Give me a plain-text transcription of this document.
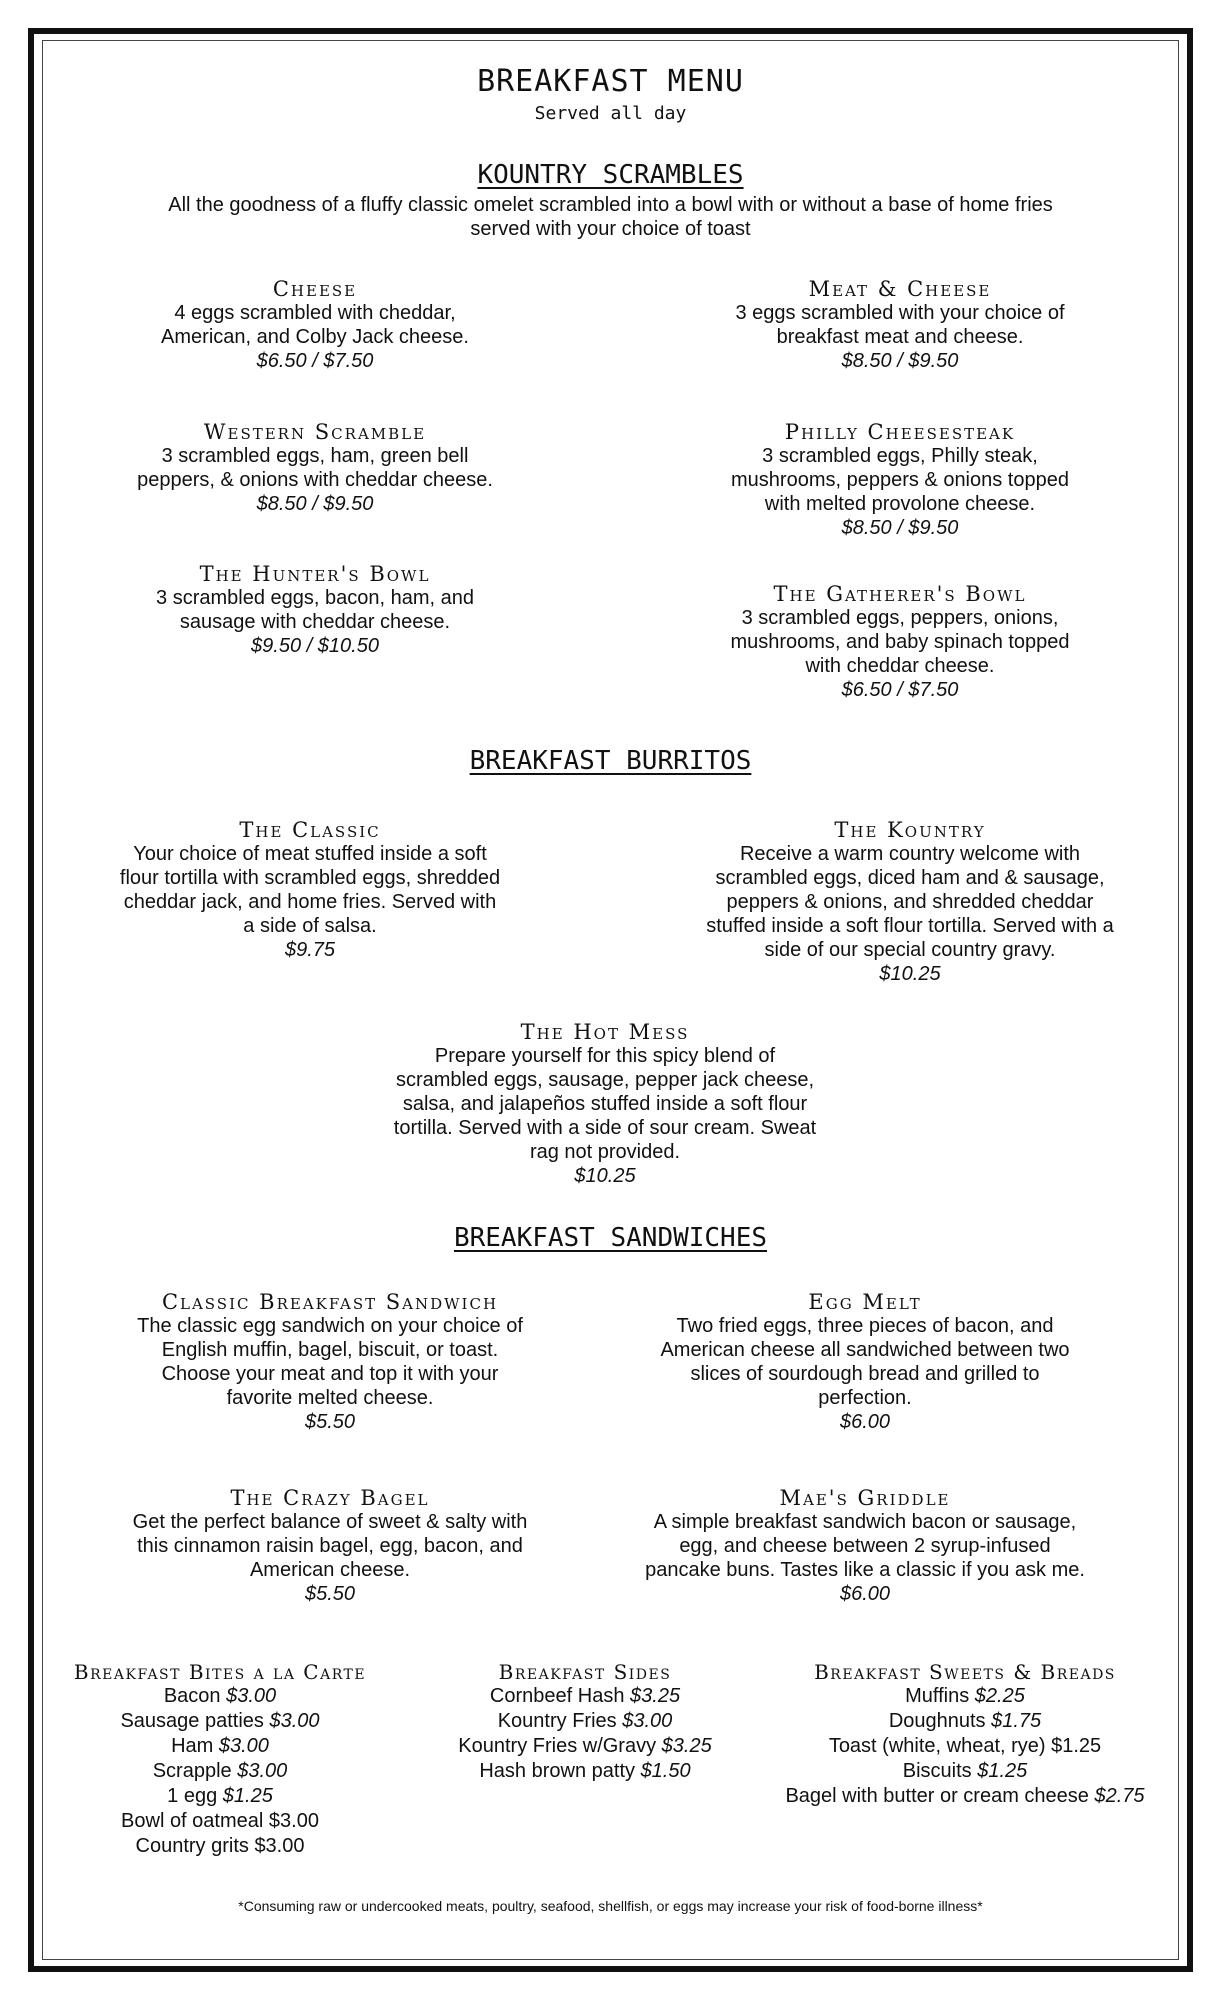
BREAKFAST MENU
Served all day
KOUNTRY SCRAMBLES
All the goodness of a fluffy classic omelet scrambled into a bowl with or without a base of home fries
served with your choice of toast
Cheese
4 eggs scrambled with cheddar,
American, and Colby Jack cheese.
$6.50 / $7.50
Meat & Cheese
3 eggs scrambled with your choice of
breakfast meat and cheese.
$8.50 / $9.50
Western Scramble
3 scrambled eggs, ham, green bell
peppers, & onions with cheddar cheese.
$8.50 / $9.50
Philly Cheesesteak
3 scrambled eggs, Philly steak,
mushrooms, peppers & onions topped
with melted provolone cheese.
$8.50 / $9.50
The Hunter's Bowl
3 scrambled eggs, bacon, ham, and
sausage with cheddar cheese.
$9.50 / $10.50
The Gatherer's Bowl
3 scrambled eggs, peppers, onions,
mushrooms, and baby spinach topped
with cheddar cheese.
$6.50 / $7.50
BREAKFAST BURRITOS
The Classic
Your choice of meat stuffed inside a soft
flour tortilla with scrambled eggs, shredded
cheddar jack, and home fries. Served with
a side of salsa.
$9.75
The Kountry
Receive a warm country welcome with
scrambled eggs, diced ham and & sausage,
peppers & onions, and shredded cheddar
stuffed inside a soft flour tortilla. Served with a
side of our special country gravy.
$10.25
The Hot Mess
Prepare yourself for this spicy blend of
scrambled eggs, sausage, pepper jack cheese,
salsa, and jalapeños stuffed inside a soft flour
tortilla. Served with a side of sour cream. Sweat
rag not provided.
$10.25
BREAKFAST SANDWICHES
Classic Breakfast Sandwich
The classic egg sandwich on your choice of
English muffin, bagel, biscuit, or toast.
Choose your meat and top it with your
favorite melted cheese.
$5.50
Egg Melt
Two fried eggs, three pieces of bacon, and
American cheese all sandwiched between two
slices of sourdough bread and grilled to
perfection.
$6.00
The Crazy Bagel
Get the perfect balance of sweet & salty with
this cinnamon raisin bagel, egg, bacon, and
American cheese.
$5.50
Mae's Griddle
A simple breakfast sandwich bacon or sausage,
egg, and cheese between 2 syrup-infused
pancake buns. Tastes like a classic if you ask me.
$6.00
Breakfast Bites a la Carte
Bacon $3.00
Sausage patties $3.00
Ham $3.00
Scrapple $3.00
1 egg $1.25
Bowl of oatmeal $3.00
Country grits $3.00
Breakfast Sides
Cornbeef Hash $3.25
Kountry Fries $3.00
Kountry Fries w/Gravy $3.25
Hash brown patty $1.50
Breakfast Sweets & Breads
Muffins $2.25
Doughnuts $1.75
Toast (white, wheat, rye) $1.25
Biscuits $1.25
Bagel with butter or cream cheese $2.75
*Consuming raw or undercooked meats, poultry, seafood, shellfish, or eggs may increase your risk of food-borne illness*
